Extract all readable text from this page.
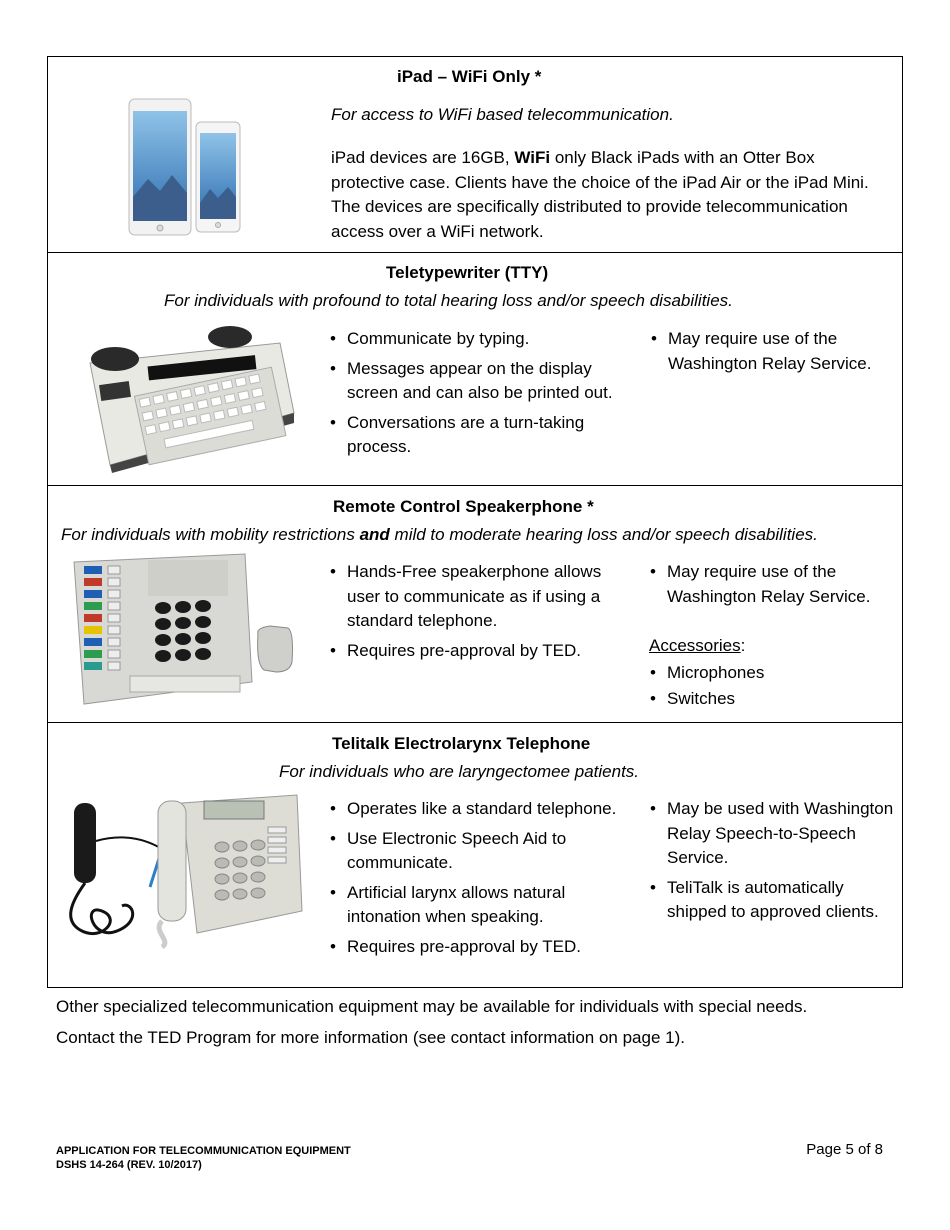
iPad – WiFi Only *
For access to WiFi based telecommunication.
iPad devices are 16GB, WiFi only Black iPads with an Otter Box protective case. Clients have the choice of the iPad Air or the iPad Mini. The devices are specifically distributed to provide telecommunication access over a WiFi network.
Teletypewriter (TTY)
For individuals with profound to total hearing loss and/or speech disabilities.
• Communicate by typing.
• Messages appear on the display screen and can also be printed out.
• Conversations are a turn-taking process.
• May require use of the Washington Relay Service.
Remote Control Speakerphone *
For individuals with mobility restrictions and mild to moderate hearing loss and/or speech disabilities.
• Hands-Free speakerphone allows user to communicate as if using a standard telephone.
• Requires pre-approval by TED.
• May require use of the Washington Relay Service.
Accessories:
• Microphones
• Switches
Telitalk Electrolarynx Telephone
For individuals who are laryngectomee patients.
• Operates like a standard telephone.
• Use Electronic Speech Aid to communicate.
• Artificial larynx allows natural intonation when speaking.
• Requires pre-approval by TED.
• May be used with Washington Relay Speech-to-Speech Service.
• TeliTalk is automatically shipped to approved clients.
Other specialized telecommunication equipment may be available for individuals with special needs.
Contact the TED Program for more information (see contact information on page 1).
APPLICATION FOR TELECOMMUNICATION EQUIPMENT
DSHS 14-264 (REV. 10/2017)
Page 5 of 8
